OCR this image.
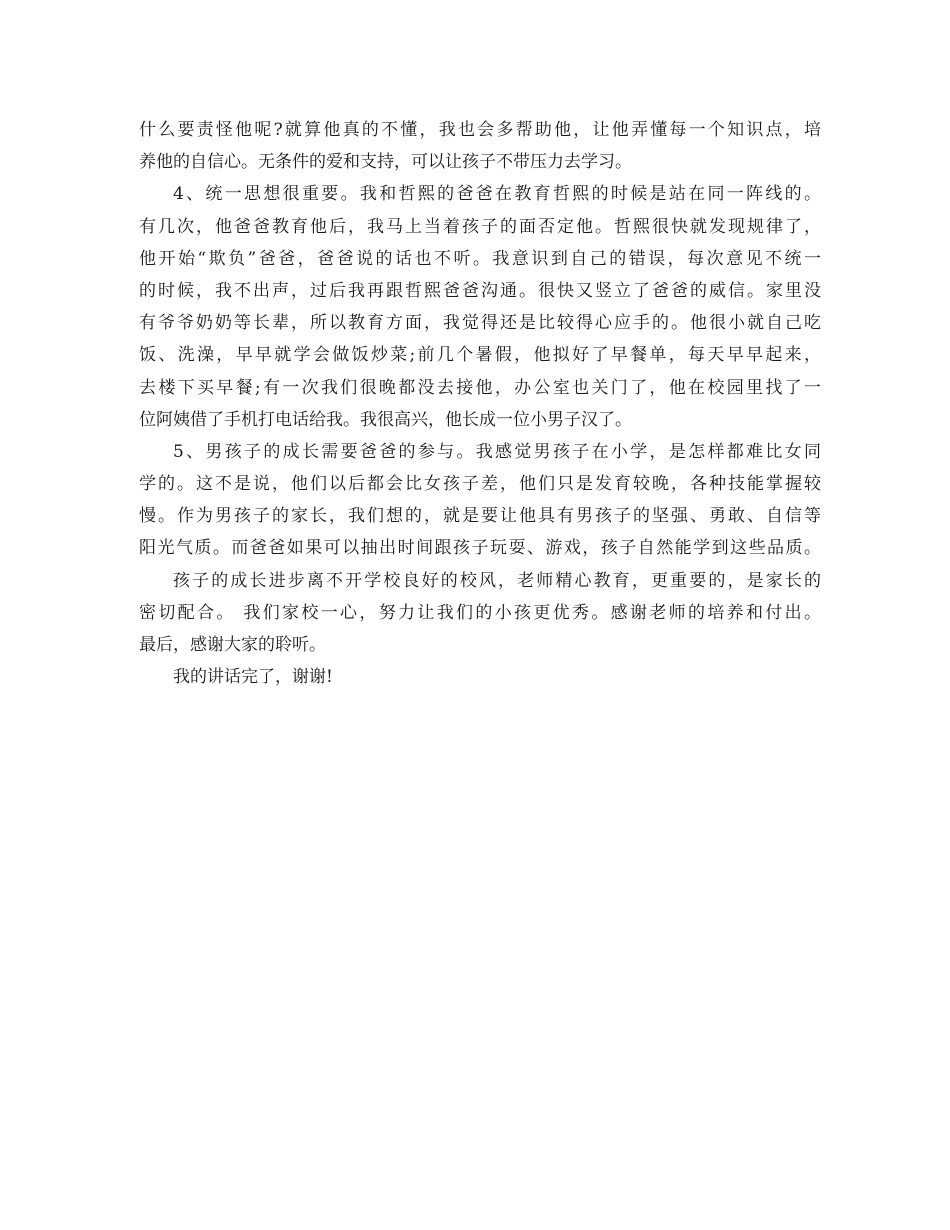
什么要责怪他呢?就算他真的不懂，我也会多帮助他，让他弄懂每一个知识点，培
养他的自信心。无条件的爱和支持，可以让孩子不带压力去学习。
4、统一思想很重要。我和哲熙的爸爸在教育哲熙的时候是站在同一阵线的。
有几次，他爸爸教育他后，我马上当着孩子的面否定他。哲熙很快就发现规律了，
他开始“欺负”爸爸，爸爸说的话也不听。我意识到自己的错误，每次意见不统一
的时候，我不出声，过后我再跟哲熙爸爸沟通。很快又竖立了爸爸的威信。家里没
有爷爷奶奶等长辈，所以教育方面，我觉得还是比较得心应手的。他很小就自己吃
饭、洗澡，早早就学会做饭炒菜;前几个暑假，他拟好了早餐单，每天早早起来，
去楼下买早餐;有一次我们很晚都没去接他，办公室也关门了，他在校园里找了一
位阿姨借了手机打电话给我。我很高兴，他长成一位小男子汉了。
5、男孩子的成长需要爸爸的参与。我感觉男孩子在小学，是怎样都难比女同
学的。这不是说，他们以后都会比女孩子差，他们只是发育较晚，各种技能掌握较
慢。作为男孩子的家长，我们想的，就是要让他具有男孩子的坚强、勇敢、自信等
阳光气质。而爸爸如果可以抽出时间跟孩子玩耍、游戏，孩子自然能学到这些品质。
孩子的成长进步离不开学校良好的校风，老师精心教育，更重要的，是家长的
密切配合。 我们家校一心，努力让我们的小孩更优秀。感谢老师的培养和付出。
最后，感谢大家的聆听。
我的讲话完了，谢谢!
